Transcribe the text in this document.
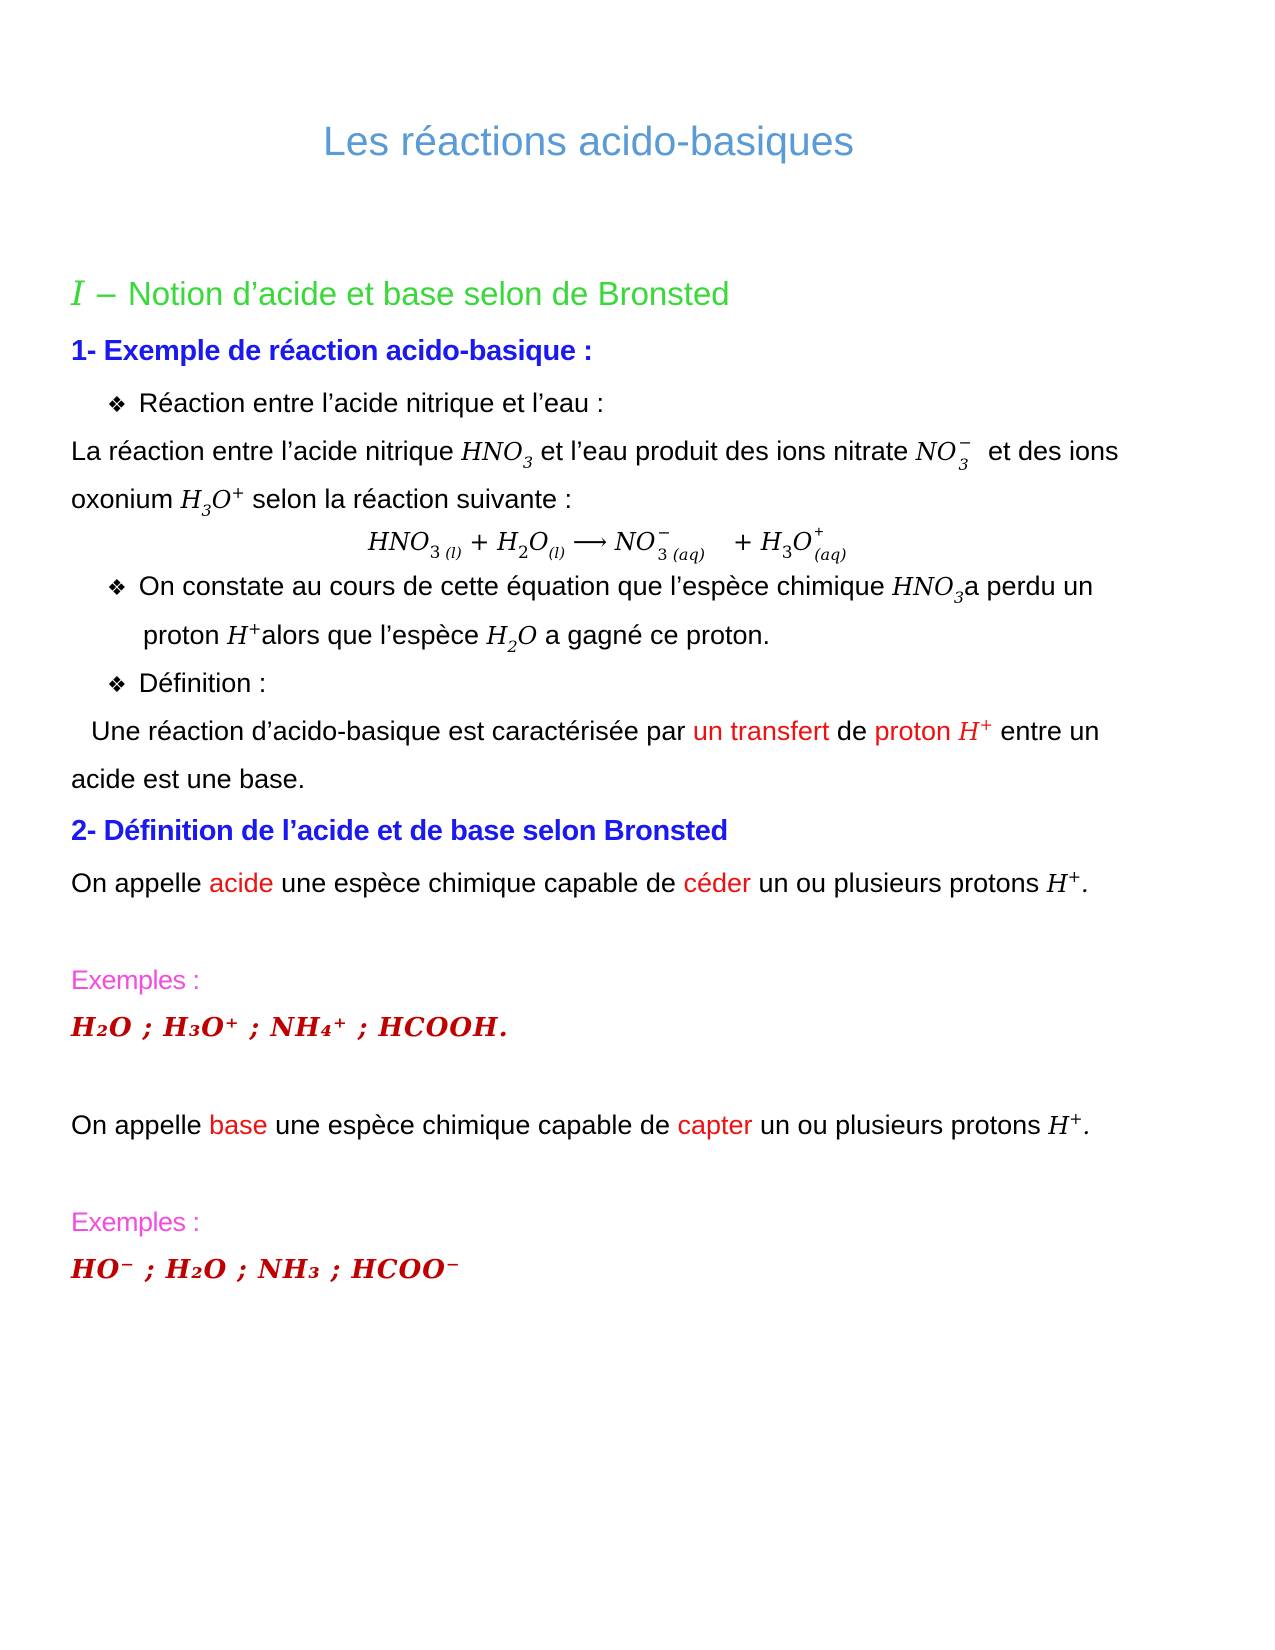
Les réactions acido-basiques
I − Notion d’acide et base selon de Bronsted
1- Exemple de réaction acido-basique :
❖ Réaction entre l’acide nitrique et l’eau :
La réaction entre l’acide nitrique $HNO_3$ et l’eau produit des ions nitrate NO −
3 et des ions
oxonium $H_3O^+$ selon la réaction suivante :
$HNO_3$ $_{(l)} + H_2O_{(l)}$ ⟶ NO −
3 $(aq) + H_3O$ +
(aq)
❖ On constate au cours de cette équation que l’espèce chimique $HNO_3a$ perdu un
proton H+alors que l’espèce $H_2O$ a gagné ce proton.
❖ Définition :
Une réaction d’acido-basique est caractérisée par un transfert de proton H+ entre un
acide est une base.
2- Définition de l’acide et de base selon Bronsted
On appelle acide une espèce chimique capable de céder un ou plusieurs protons H+.
Exemples :
H₂O ; H₃O⁺ ; NH₄⁺ ; HCOOH.
On appelle base une espèce chimique capable de capter un ou plusieurs protons H+.
Exemples :
HO⁻ ; H₂O ; NH₃ ; HCOO⁻
